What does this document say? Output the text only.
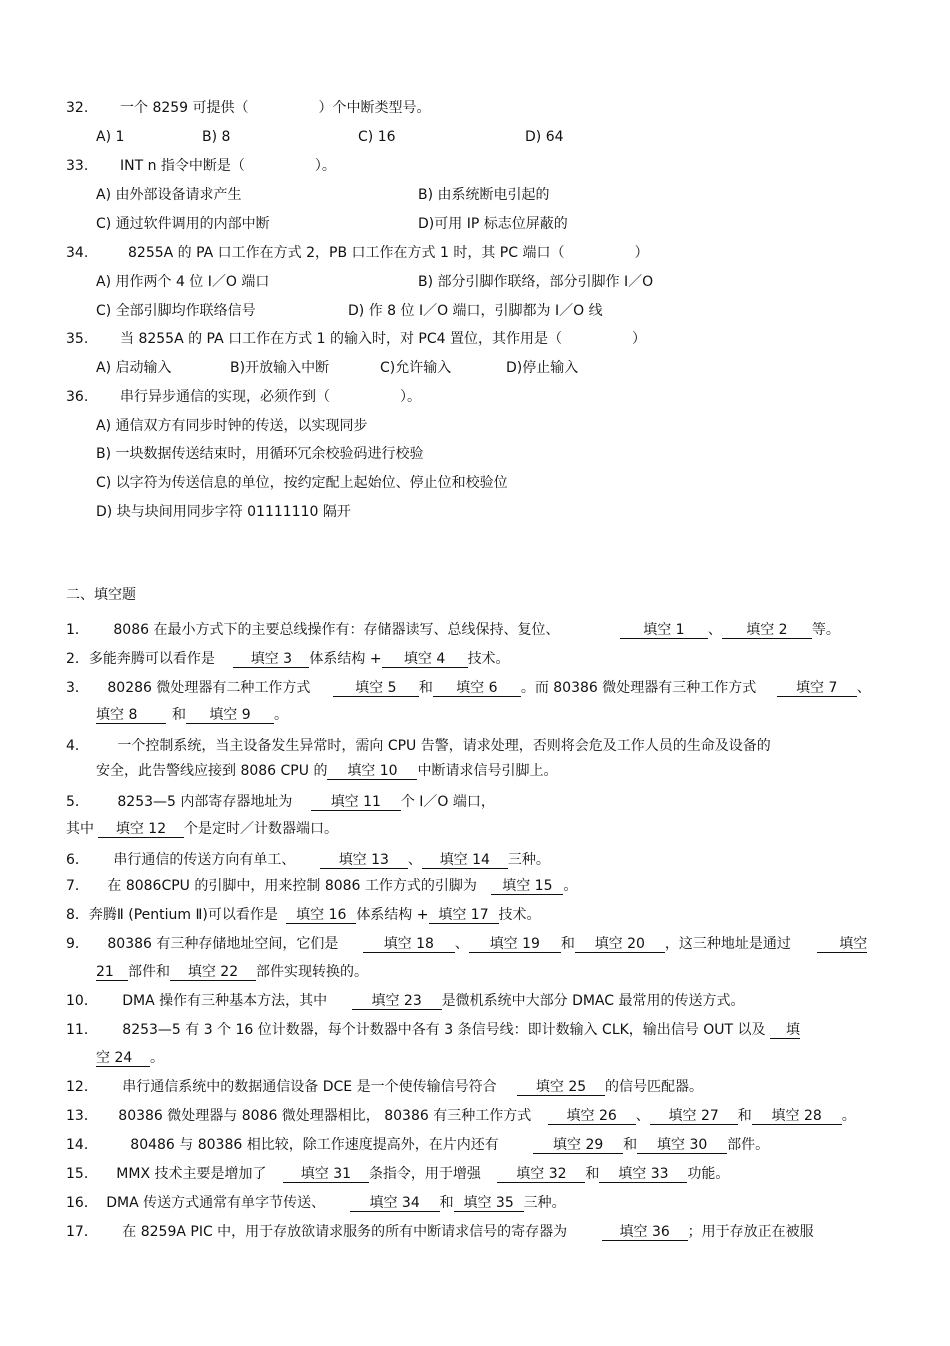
32. 一个 8259 可提供（　　　　　）个中断类型号。
A) 1	B) 8	C) 16	D) 64
33. INT n 指令中断是（　　　　　）。
A) 由外部设备请求产生	B) 由系统断电引起的
C) 通过软件调用的内部中断	D)可用 IP 标志位屏蔽的
34.	8255A 的 PA 口工作在方式 2，PB 口工作在方式 1 时，其 PC 端口（　　　　　）
A) 用作两个 4 位 I／O 端口	B) 部分引脚作联络，部分引脚作 I／O
C) 全部引脚均作联络信号	D) 作 8 位 I／O 端口，引脚都为 I／O 线
35. 当 8255A 的 PA 口工作在方式 1 的输入时，对 PC4 置位，其作用是（　　　　　）
A) 启动输入	B)开放输入中断	C)允许输入	D)停止输入
36. 串行异步通信的实现，必须作到（　　　　　）。
A) 通信双方有同步时钟的传送，以实现同步
B) 一块数据传送结束时，用循环冗余校验码进行校验
C) 以字符为传送信息的单位，按约定配上起始位、停止位和校验位
D) 块与块间用同步字符 01111110 隔开
二、填空题
1． 8086 在最小方式下的主要总线操作有：存储器读写、总线保持、复位、	填空 1 、 填空 2 等。
2．多能奔腾可以看作是	填空 3 体系结构 + 填空 4 技术。
3． 80286 微处理器有二种工作方式	填空 5 和 填空 6 。而 80386 微处理器有三种工作方式	填空 7 、
填空 8 和 填空 9 。
4． 一个控制系统，当主设备发生异常时，需向 CPU 告警，请求处理，否则将会危及工作人员的生命及设备的
安全，此告警线应接到 8086 CPU 的 填空 10 中断请求信号引脚上。
5． 8253—5 内部寄存器地址为	填空 11 个 I／O 端口，
其中 填空 12 个是定时／计数器端口。
6． 串行通信的传送方向有单工、	填空 13 、 填空 14 三种。
7． 在 8086CPU 的引脚中，用来控制 8086 工作方式的引脚为 填空 15 。
8．奔腾Ⅱ (Pentium Ⅱ)可以看作是 填空 16 体系结构 + 填空 17 技术。
9． 80386 有三种存储地址空间，它们是	填空 18 、 填空 19 和 填空 20 ，这三种地址是通过	填空
21 部件和 填空 22 部件实现转换的。
10． DMA 操作有三种基本方法，其中	填空 23 是微机系统中大部分 DMAC 最常用的传送方式。
11． 8253—5 有 3 个 16 位计数器，每个计数器中各有 3 条信号线：即计数输入 CLK，输出信号 OUT 以及 填
空 24 。
12． 串行通信系统中的数据通信设备 DCE 是一个使传输信号符合	填空 25 的信号匹配器。
13． 80386 微处理器与 8086 微处理器相比， 80386 有三种工作方式	填空 26 、 填空 27 和 填空 28 。
14． 80486 与 80386 相比较，除工作速度提高外，在片内还有	填空 29 和 填空 30 部件。
15． MMX 技术主要是增加了 填空 31 条指令，用于增强	填空 32 和 填空 33 功能。
16． DMA 传送方式通常有单字节传送、	填空 34 和 填空 35 三种。
17． 在 8259A PIC 中，用于存放欲请求服务的所有中断请求信号的寄存器为	填空 36 ；用于存放正在被服
